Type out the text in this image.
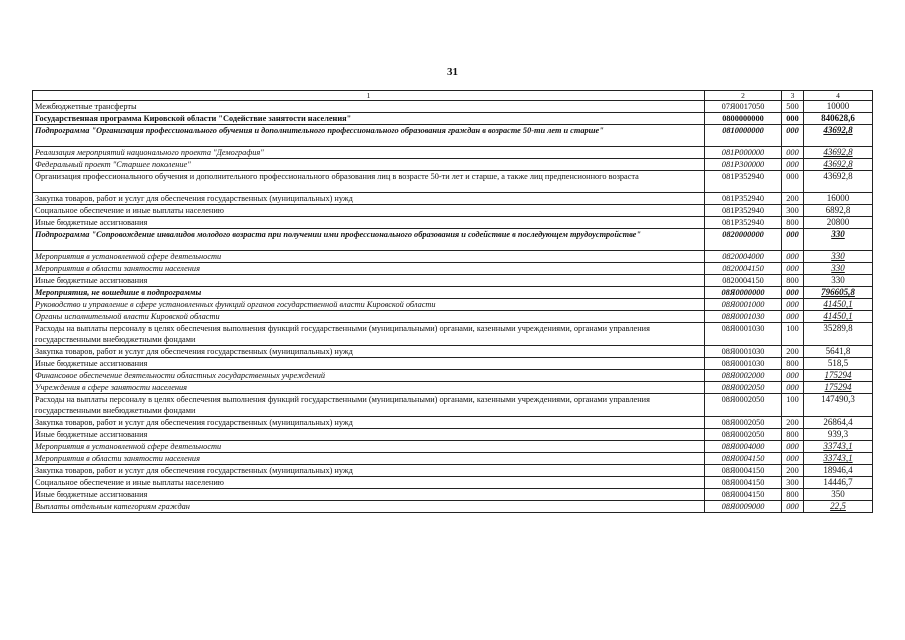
31
1	2	3	4
Межбюджетные трансферты	07Я0017050	500	10000
Государственная программа Кировской области "Содействие занятости населения"	0800000000	000	840628,6
Подпрограмма "Организация профессионального обучения и дополнительного профессионального образования граждан в возрасте 50-ти лет и старше"	0810000000	000	43692,8
Реализация мероприятий национального проекта "Демография"	081P000000	000	43692,8
Федеральный проект "Старшее поколение"	081P300000	000	43692,8
Организация профессионального обучения и дополнительного профессионального образования лиц в возрасте 50-ти лет и старше, а также лиц предпенсионного возраста	081P352940	000	43692,8
Закупка товаров, работ и услуг для обеспечения государственных (муниципальных) нужд	081P352940	200	16000
Социальное обеспечение и иные выплаты населению	081P352940	300	6892,8
Иные бюджетные ассигнования	081P352940	800	20800
Подпрограмма "Сопровождение инвалидов молодого возраста при получении ими профессионального образования и содействие в последующем трудоустройстве"	0820000000	000	330
Мероприятия в установленной сфере деятельности	0820004000	000	330
Мероприятия в области занятости населения	0820004150	000	330
Иные бюджетные ассигнования	0820004150	800	330
Мероприятия, не вошедшие в подпрограммы	08Я0000000	000	796605,8
Руководство и управление в сфере установленных функций органов государственной власти Кировской области	08Я0001000	000	41450,1
Органы исполнительной власти Кировской области	08Я0001030	000	41450,1
Расходы на выплаты персоналу в целях обеспечения выполнения функций государственными (муниципальными) органами, казенными учреждениями, органами управления государственными внебюджетными фондами	08Я0001030	100	35289,8
Закупка товаров, работ и услуг для обеспечения государственных (муниципальных) нужд	08Я0001030	200	5641,8
Иные бюджетные ассигнования	08Я0001030	800	518,5
Финансовое обеспечение деятельности областных государственных учреждений	08Я0002000	000	175294
Учреждения в сфере занятости населения	08Я0002050	000	175294
Расходы на выплаты персоналу в целях обеспечения выполнения функций государственными (муниципальными) органами, казенными учреждениями, органами управления государственными внебюджетными фондами	08Я0002050	100	147490,3
Закупка товаров, работ и услуг для обеспечения государственных (муниципальных) нужд	08Я0002050	200	26864,4
Иные бюджетные ассигнования	08Я0002050	800	939,3
Мероприятия в установленной сфере деятельности	08Я0004000	000	33743,1
Мероприятия в области занятости населения	08Я0004150	000	33743,1
Закупка товаров, работ и услуг для обеспечения государственных (муниципальных) нужд	08Я0004150	200	18946,4
Социальное обеспечение и иные выплаты населению	08Я0004150	300	14446,7
Иные бюджетные ассигнования	08Я0004150	800	350
Выплаты отдельным категориям граждан	08Я0009000	000	22,5
